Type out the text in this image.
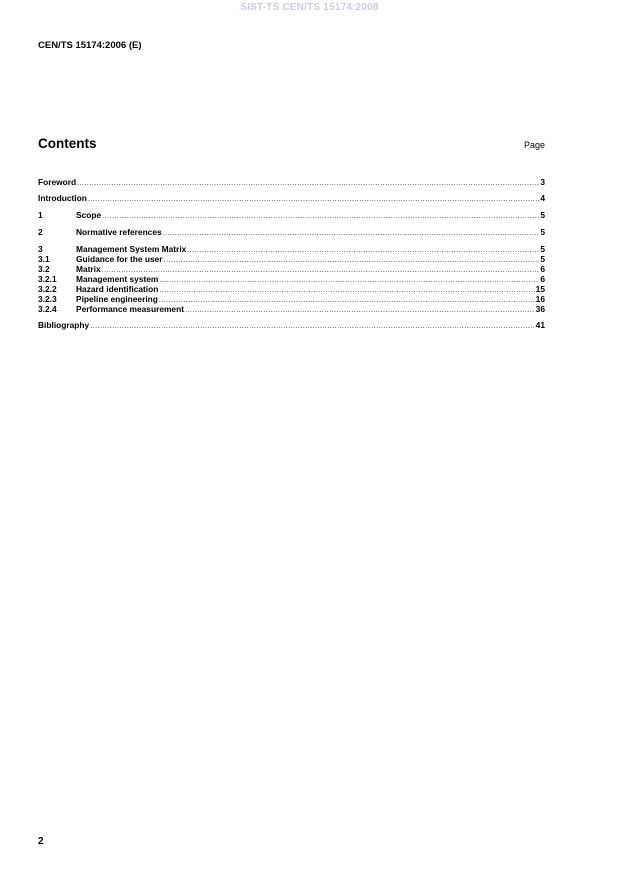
SIST-TS CEN/TS 15174:2008
CEN/TS 15174:2006 (E)
Contents	Page
Foreword .....	3
Introduction .....	4
1	Scope .....	5
2	Normative references .....	5
3	Management System Matrix .....	5
3.1	Guidance for the user .....	5
3.2	Matrix .....	6
3.2.1	Management system .....	6
3.2.2	Hazard identification .....	15
3.2.3	Pipeline engineering .....	16
3.2.4	Performance measurement .....	36
Bibliography .....	41
2
